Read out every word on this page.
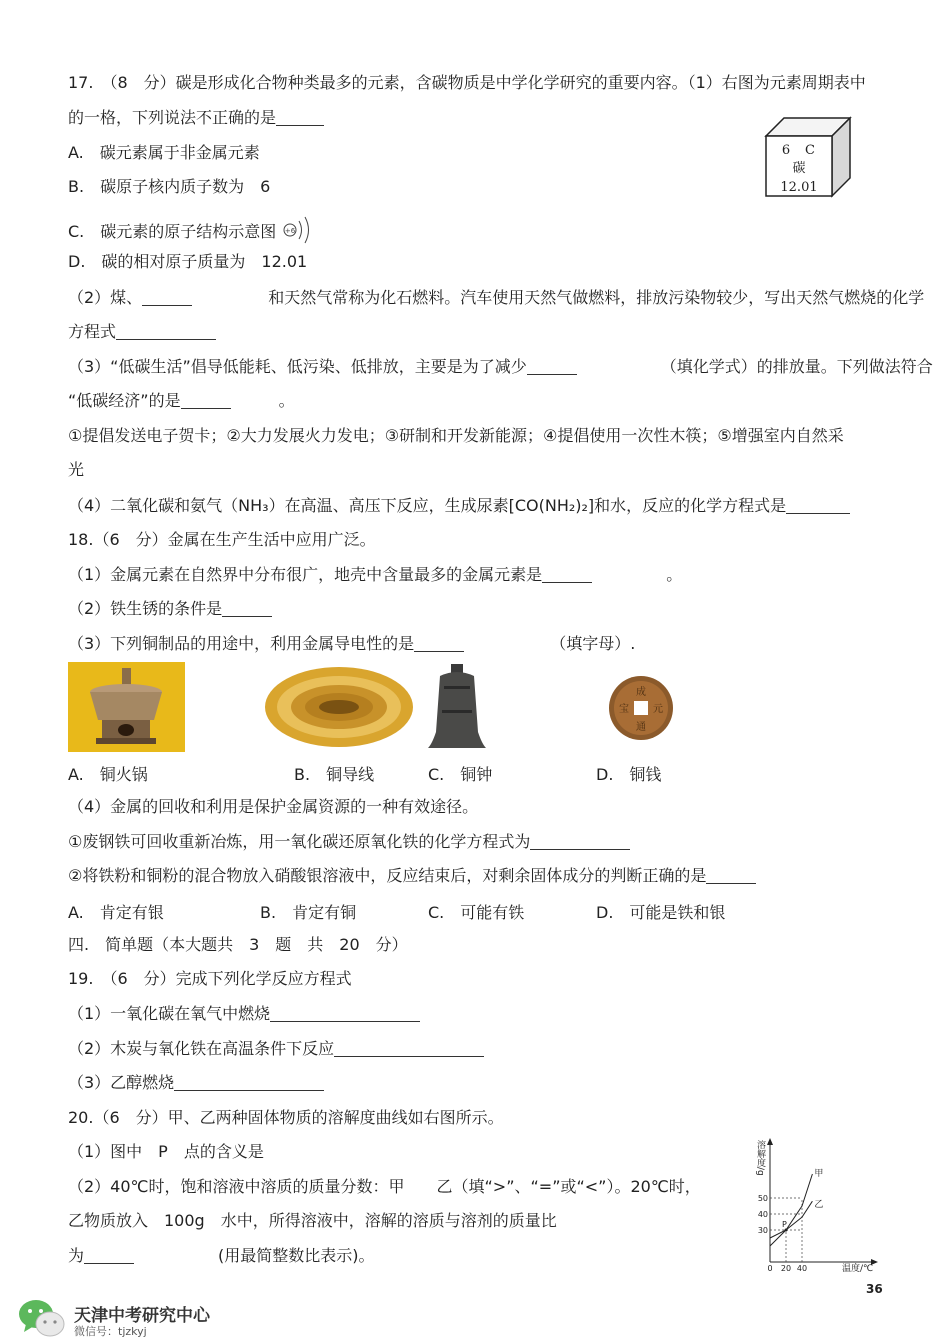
17.　（8　分）碳是形成化合物种类最多的元素，含碳物质是中学化学研究的重要内容。（1）右图为元素周期表中
的一格，下列说法不正确的是
A.　碳元素属于非金属元素
B.　碳原子核内质子数为　6
C.　碳元素的原子结构示意图 +6
D.　碳的相对原子质量为　12.01
（2）煤、	和天然气常称为化石燃料。汽车使用天然气做燃料，排放污染物较少，写出天然气燃烧的化学
方程式
（3）“低碳生活”倡导低能耗、低污染、低排放，主要是为了减少	（填化学式）的排放量。下列做法符合
“低碳经济”的是	。
①提倡发送电子贺卡；②大力发展火力发电；③研制和开发新能源；④提倡使用一次性木筷；⑤增强室内自然采
光
（4）二氧化碳和氨气（NH₃）在高温、高压下反应，生成尿素[CO(NH₂)₂]和水，反应的化学方程式是
6 C
碳
12.01
18.（6　分）金属在生产生活中应用广泛。
（1）金属元素在自然界中分布很广，地壳中含量最多的金属元素是	。
（2）铁生锈的条件是
（3）下列铜制品的用途中，利用金属导电性的是	（填字母）.
成
元
通
宝
A.　铜火锅	B.　铜导线	C.　铜钟	D.　铜钱
（4）金属的回收和利用是保护金属资源的一种有效途径。
①废钢铁可回收重新冶炼，用一氧化碳还原氧化铁的化学方程式为
②将铁粉和铜粉的混合物放入硝酸银溶液中，反应结束后，对剩余固体成分的判断正确的是
A.　肯定有银	B.　肯定有铜	C.　可能有铁	D.　可能是铁和银
四.　简单题（本大题共　3　题　共　20　分）
19.　（6　分）完成下列化学反应方程式
（1）一氧化碳在氧气中燃烧
（2）木炭与氧化铁在高温条件下反应
（3）乙醇燃烧
20.（6　分）甲、乙两种固体物质的溶解度曲线如右图所示。
（1）图中　P　点的含义是
（2）40℃时，饱和溶液中溶质的质量分数：甲　　乙（填“>”、“=”或“<”）。20℃时，
乙物质放入　100g　水中，所得溶液中，溶解的溶质与溶剂的质量比
为	(用最简整数比表示)。
溶解度/g
温度/℃
0 20 40
30
40
50
甲
乙
P
天津中考研究中心
微信号：tjzkyj
36
